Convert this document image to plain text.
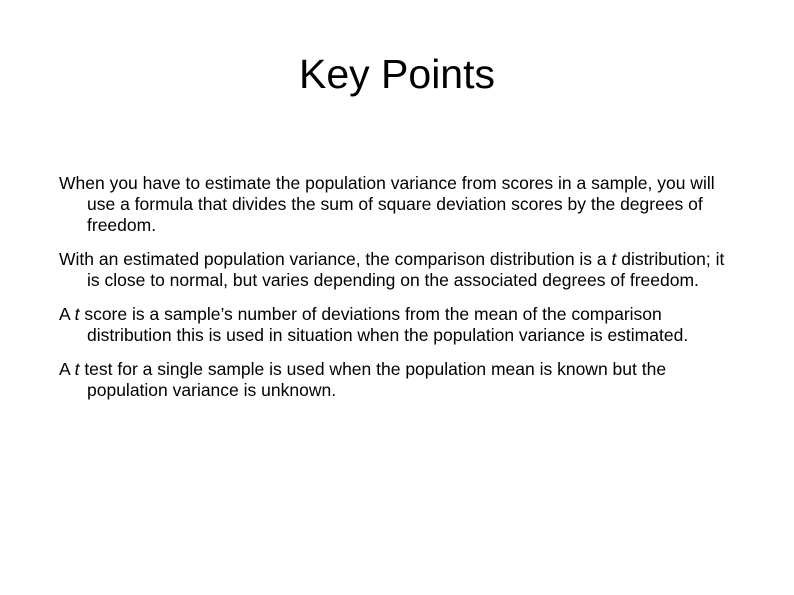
Key Points

When you have to estimate the population variance from scores in a sample, you will use a formula that divides the sum of square deviation scores by the degrees of freedom.

With an estimated population variance, the comparison distribution is a t distribution; it is close to normal, but varies depending on the associated degrees of freedom.

A t score is a sample’s number of deviations from the mean of the comparison distribution this is used in situation when the population variance is estimated.

A t test for a single sample is used when the population mean is known but the population variance is unknown.
